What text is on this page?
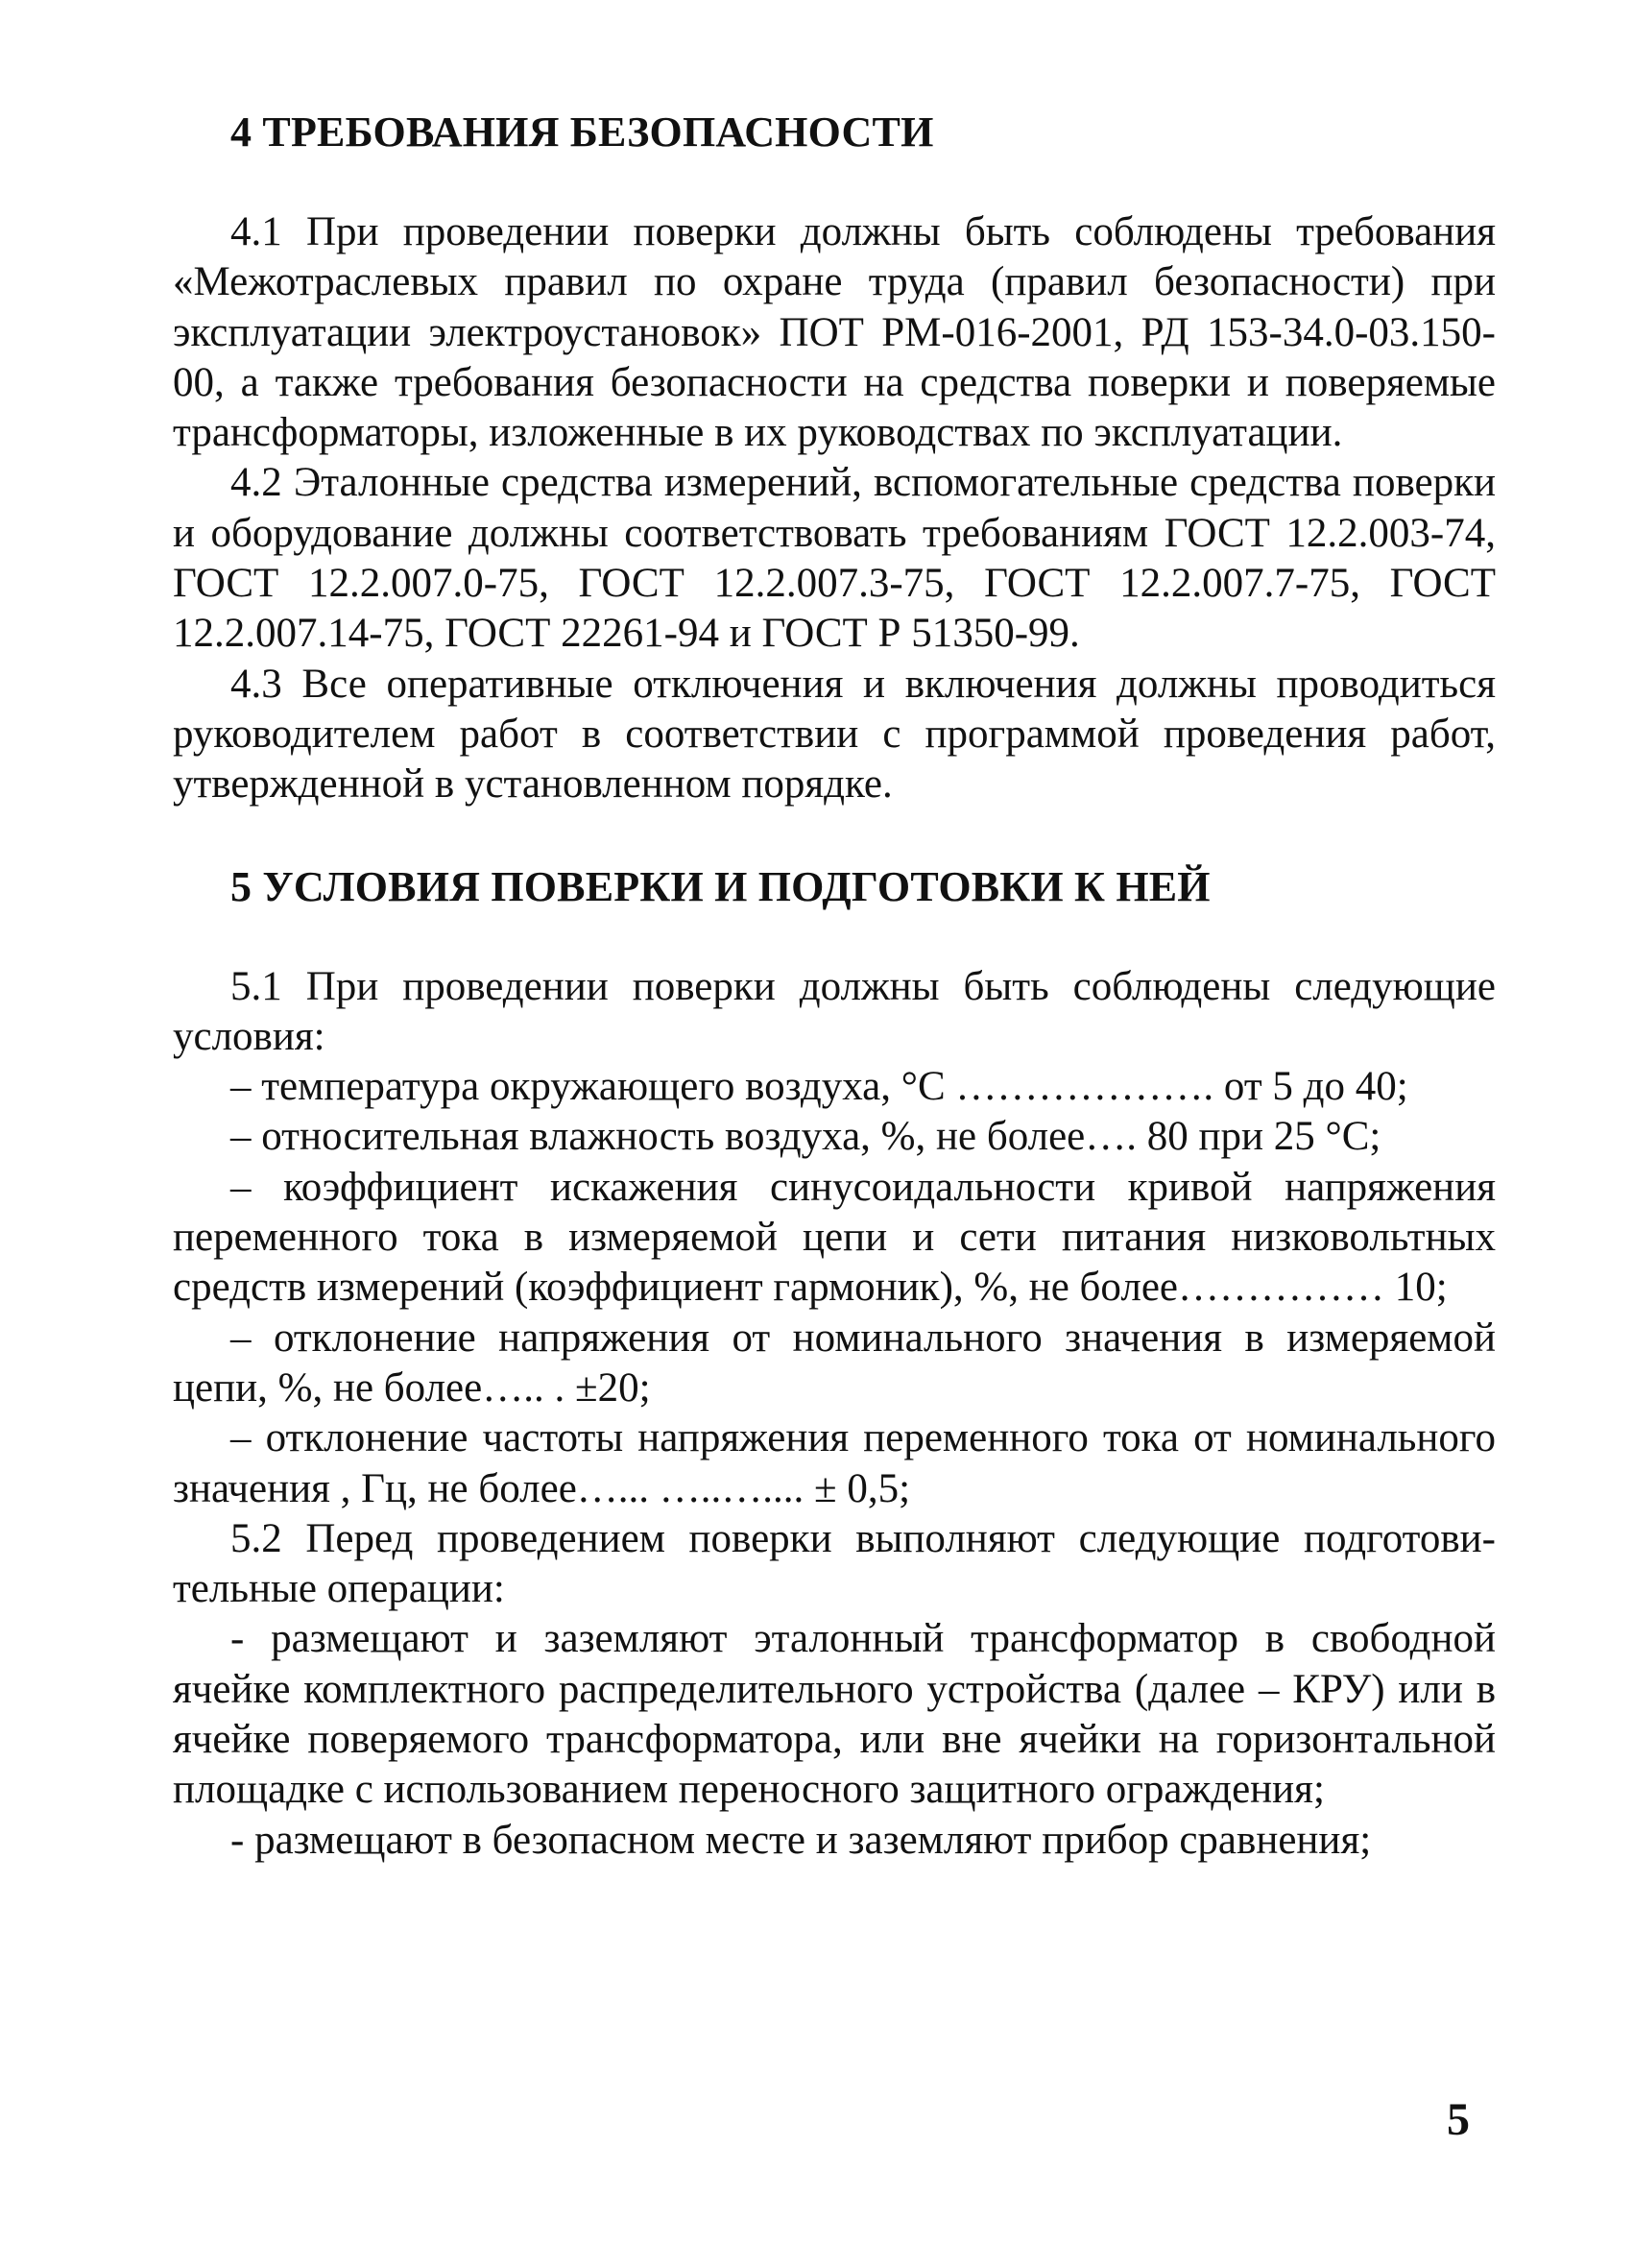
4 ТРЕБОВАНИЯ БЕЗОПАСНОСТИ

4.1 При проведении поверки должны быть соблюдены требования «Межотраслевых правил по охране труда (правил безопасности) при эксплуатации электроустановок» ПОТ РМ-016-2001, РД 153-34.0-03.150-00, а также требования безопасности на средства поверки и поверяемые трансформаторы, изложенные в их руководствах по эксплуатации.

4.2 Эталонные средства измерений, вспомогательные средства поверки и оборудование должны соответствовать требованиям ГОСТ 12.2.003-74, ГОСТ 12.2.007.0-75, ГОСТ 12.2.007.3-75, ГОСТ 12.2.007.7-75, ГОСТ 12.2.007.14-75, ГОСТ 22261-94 и ГОСТ Р 51350-99.

4.3 Все оперативные отключения и включения должны проводиться руководителем работ в соответствии с программой проведения работ, утвержденной в установленном порядке.

5 УСЛОВИЯ ПОВЕРКИ И ПОДГОТОВКИ К НЕЙ

5.1 При проведении поверки должны быть соблюдены следующие условия:

– температура окружающего воздуха, °С ………………. от 5 до 40;

– относительная влажность воздуха, %, не более…. 80 при 25 °С;

– коэффициент искажения синусоидальности кривой напряжения переменного тока в измеряемой цепи и сети питания низковольтных средств измерений (коэффициент гармоник), %, не более…………… 10;

– отклонение напряжения от номинального значения в измеряемой цепи, %, не более….. . ±20;

– отклонение частоты напряжения переменного тока от номинального значения , Гц, не более…... …..….... ± 0,5;

5.2 Перед проведением поверки выполняют следующие подготовительные операции:

- размещают и заземляют эталонный трансформатор в свободной ячейке комплектного распределительного устройства (далее – КРУ) или в ячейке поверяемого трансформатора, или вне ячейки на горизонтальной площадке с использованием переносного защитного ограждения;

- размещают в безопасном месте и заземляют прибор сравнения;

5
